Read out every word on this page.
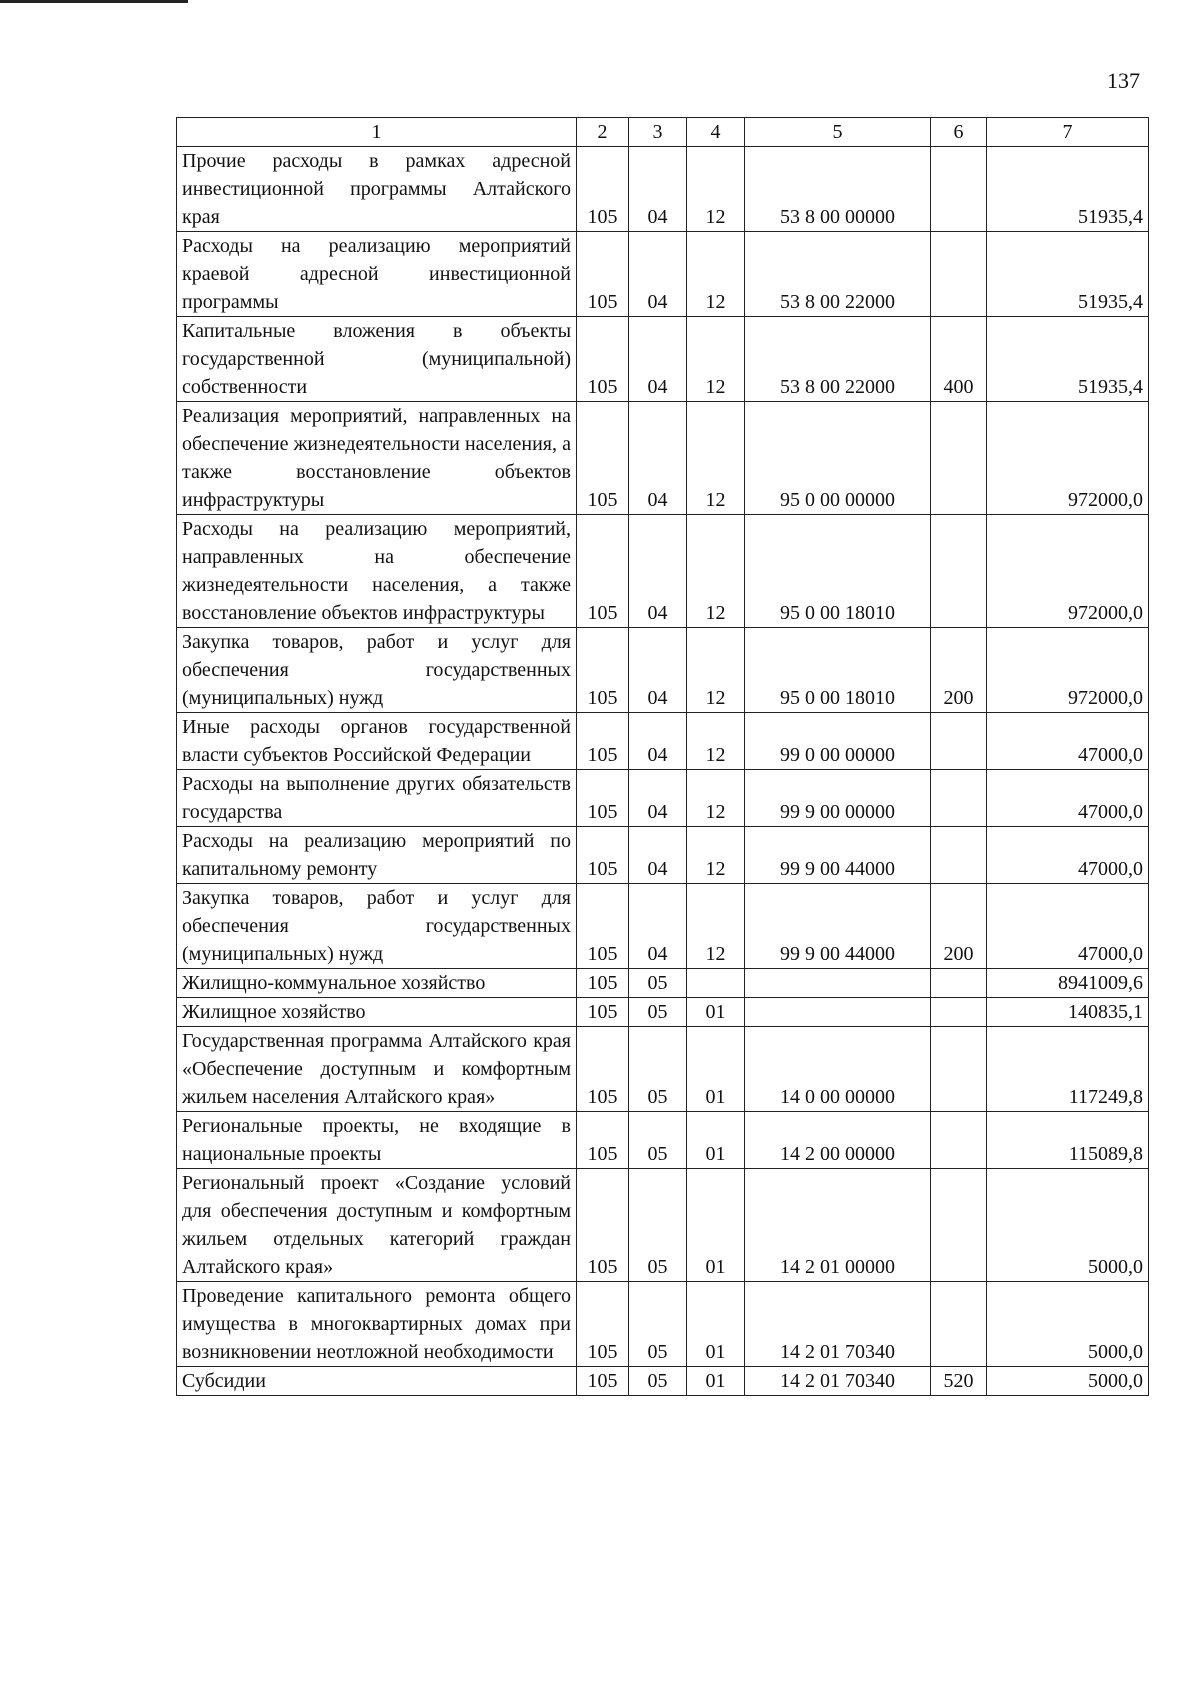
137
1	2	3	4	5	6	7
Прочие расходы в рамках адресной инвестиционной программы Алтайского края	105	04	12	53 8 00 00000		51935,4
Расходы на реализацию мероприятий краевой адресной инвестиционной программы	105	04	12	53 8 00 22000		51935,4
Капитальные вложения в объекты государственной (муниципальной) собственности	105	04	12	53 8 00 22000	400	51935,4
Реализация мероприятий, направленных на обеспечение жизнедеятельности населения, а также восстановление объектов инфраструктуры	105	04	12	95 0 00 00000		972000,0
Расходы на реализацию мероприятий, направленных на обеспечение жизнедеятельности населения, а также восстановление объектов инфраструктуры	105	04	12	95 0 00 18010		972000,0
Закупка товаров, работ и услуг для обеспечения государственных (муниципальных) нужд	105	04	12	95 0 00 18010	200	972000,0
Иные расходы органов государственной власти субъектов Российской Федерации	105	04	12	99 0 00 00000		47000,0
Расходы на выполнение других обязательств государства	105	04	12	99 9 00 00000		47000,0
Расходы на реализацию мероприятий по капитальному ремонту	105	04	12	99 9 00 44000		47000,0
Закупка товаров, работ и услуг для обеспечения государственных (муниципальных) нужд	105	04	12	99 9 00 44000	200	47000,0
Жилищно-коммунальное хозяйство	105	05				8941009,6
Жилищное хозяйство	105	05	01			140835,1
Государственная программа Алтайского края «Обеспечение доступным и комфортным жильем населения Алтайского края»	105	05	01	14 0 00 00000		117249,8
Региональные проекты, не входящие в национальные проекты	105	05	01	14 2 00 00000		115089,8
Региональный проект «Создание условий для обеспечения доступным и комфортным жильем отдельных категорий граждан Алтайского края»	105	05	01	14 2 01 00000		5000,0
Проведение капитального ремонта общего имущества в многоквартирных домах при возникновении неотложной необходимости	105	05	01	14 2 01 70340		5000,0
Субсидии	105	05	01	14 2 01 70340	520	5000,0
